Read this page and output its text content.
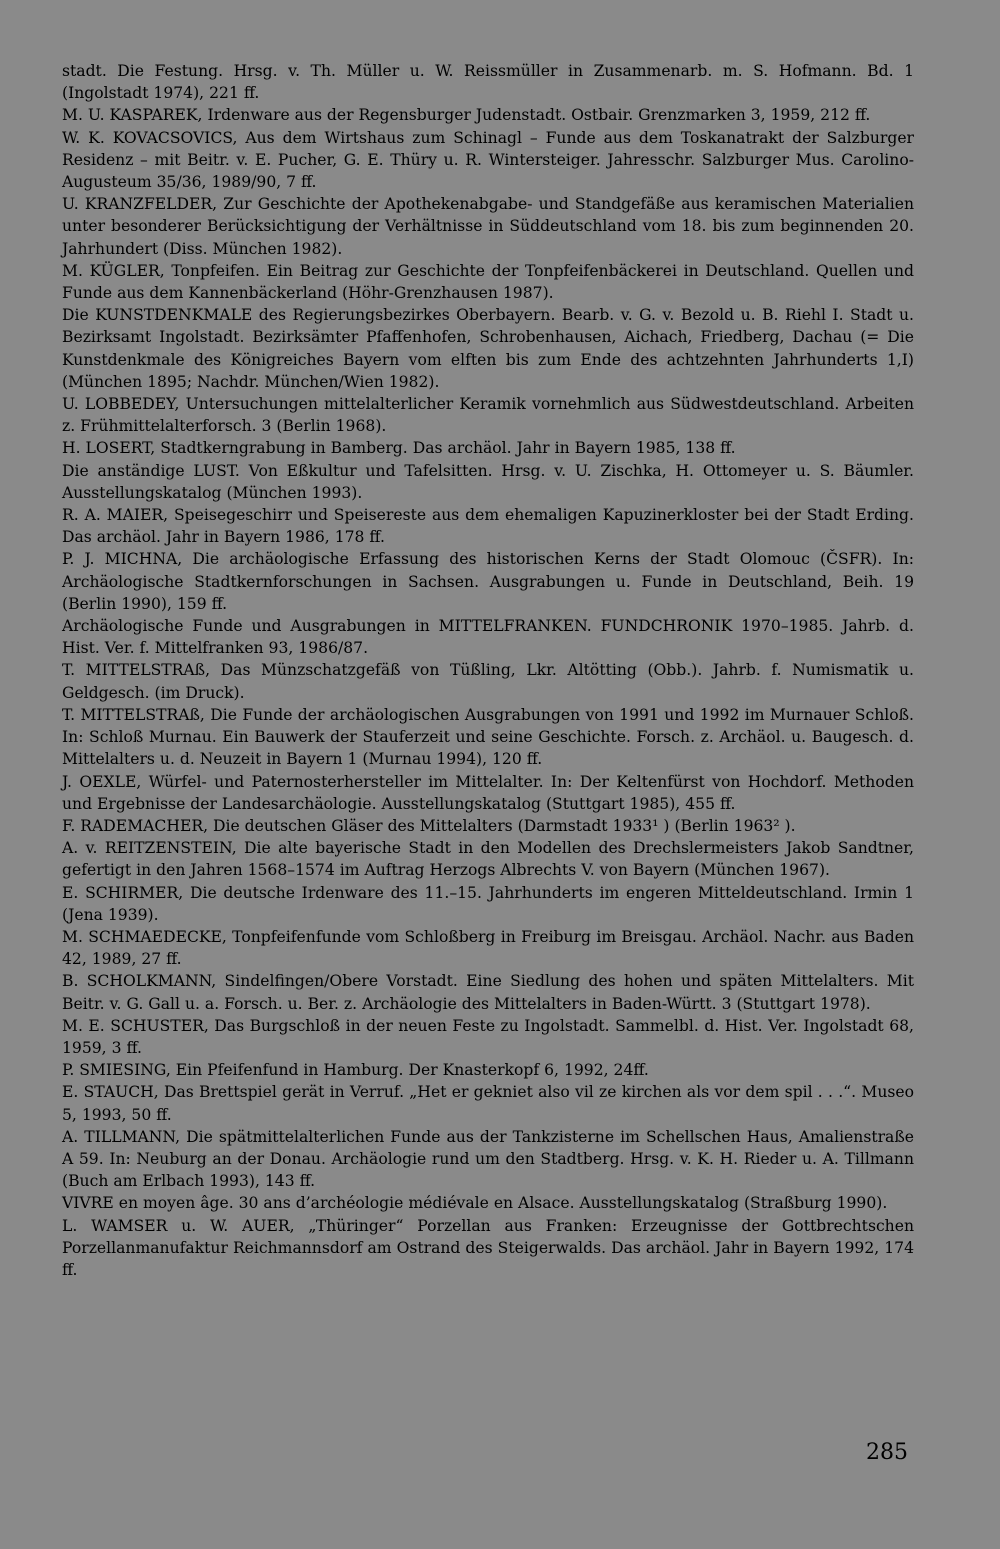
stadt. Die Festung. Hrsg. v. Th. Müller u. W. Reissmüller in Zusammenarb. m. S. Hofmann. Bd. 1 (Ingolstadt 1974), 221 ff.

M. U. KASPAREK, Irdenware aus der Regensburger Judenstadt. Ostbair. Grenzmarken 3, 1959, 212 ff.

W. K. KOVACSOVICS, Aus dem Wirtshaus zum Schinagl – Funde aus dem Toskanatrakt der Salzburger Residenz – mit Beitr. v. E. Pucher, G. E. Thüry u. R. Wintersteiger. Jahresschr. Salzburger Mus. Carolino-Augusteum 35/36, 1989/90, 7 ff.

U. KRANZFELDER, Zur Geschichte der Apothekenabgabe- und Standgefäße aus keramischen Materialien unter besonderer Berücksichtigung der Verhältnisse in Süddeutschland vom 18. bis zum beginnenden 20. Jahrhundert (Diss. München 1982).

M. KÜGLER, Tonpfeifen. Ein Beitrag zur Geschichte der Tonpfeifenbäckerei in Deutschland. Quellen und Funde aus dem Kannenbäckerland (Höhr-Grenzhausen 1987).

Die KUNSTDENKMALE des Regierungsbezirkes Oberbayern. Bearb. v. G. v. Bezold u. B. Riehl I. Stadt u. Bezirksamt Ingolstadt. Bezirksämter Pfaffenhofen, Schrobenhausen, Aichach, Friedberg, Dachau (= Die Kunstdenkmale des Königreiches Bayern vom elften bis zum Ende des achtzehnten Jahrhunderts 1,I) (München 1895; Nachdr. München/Wien 1982).

U. LOBBEDEY, Untersuchungen mittelalterlicher Keramik vornehmlich aus Südwestdeutschland. Arbeiten z. Frühmittelalterforsch. 3 (Berlin 1968).

H. LOSERT, Stadtkerngrabung in Bamberg. Das archäol. Jahr in Bayern 1985, 138 ff.

Die anständige LUST. Von Eßkultur und Tafelsitten. Hrsg. v. U. Zischka, H. Ottomeyer u. S. Bäumler. Ausstellungskatalog (München 1993).

R. A. MAIER, Speisegeschirr und Speisereste aus dem ehemaligen Kapuzinerkloster bei der Stadt Erding. Das archäol. Jahr in Bayern 1986, 178 ff.

P. J. MICHNA, Die archäologische Erfassung des historischen Kerns der Stadt Olomouc (ČSFR). In: Archäologische Stadtkernforschungen in Sachsen. Ausgrabungen u. Funde in Deutschland, Beih. 19 (Berlin 1990), 159 ff.

Archäologische Funde und Ausgrabungen in MITTELFRANKEN. FUNDCHRONIK 1970–1985. Jahrb. d. Hist. Ver. f. Mittelfranken 93, 1986/87.

T. MITTELSTRAß, Das Münzschatzgefäß von Tüßling, Lkr. Altötting (Obb.). Jahrb. f. Numismatik u. Geldgesch. (im Druck).

T. MITTELSTRAß, Die Funde der archäologischen Ausgrabungen von 1991 und 1992 im Murnauer Schloß. In: Schloß Murnau. Ein Bauwerk der Stauferzeit und seine Geschichte. Forsch. z. Archäol. u. Baugesch. d. Mittelalters u. d. Neuzeit in Bayern 1 (Murnau 1994), 120 ff.

J. OEXLE, Würfel- und Paternosterhersteller im Mittelalter. In: Der Keltenfürst von Hochdorf. Methoden und Ergebnisse der Landesarchäologie. Ausstellungskatalog (Stuttgart 1985), 455 ff.

F. RADEMACHER, Die deutschen Gläser des Mittelalters (Darmstadt 1933¹ ) (Berlin 1963² ).

A. v. REITZENSTEIN, Die alte bayerische Stadt in den Modellen des Drechslermeisters Jakob Sandtner, gefertigt in den Jahren 1568–1574 im Auftrag Herzogs Albrechts V. von Bayern (München 1967).

E. SCHIRMER, Die deutsche Irdenware des 11.–15. Jahrhunderts im engeren Mitteldeutschland. Irmin 1 (Jena 1939).

M. SCHMAEDECKE, Tonpfeifenfunde vom Schloßberg in Freiburg im Breisgau. Archäol. Nachr. aus Baden 42, 1989, 27 ff.

B. SCHOLKMANN, Sindelfingen/Obere Vorstadt. Eine Siedlung des hohen und späten Mittelalters. Mit Beitr. v. G. Gall u. a. Forsch. u. Ber. z. Archäologie des Mittelalters in Baden-Württ. 3 (Stuttgart 1978).

M. E. SCHUSTER, Das Burgschloß in der neuen Feste zu Ingolstadt. Sammelbl. d. Hist. Ver. Ingolstadt 68, 1959, 3 ff.

P. SMIESING, Ein Pfeifenfund in Hamburg. Der Knasterkopf 6, 1992, 24ff.

E. STAUCH, Das Brettspiel gerät in Verruf. „Het er gekniet also vil ze kirchen als vor dem spil . . .“. Museo 5, 1993, 50 ff.

A. TILLMANN, Die spätmittelalterlichen Funde aus der Tankzisterne im Schellschen Haus, Amalienstraße A 59. In: Neuburg an der Donau. Archäologie rund um den Stadtberg. Hrsg. v. K. H. Rieder u. A. Tillmann (Buch am Erlbach 1993), 143 ff.

VIVRE en moyen âge. 30 ans d’archéologie médiévale en Alsace. Ausstellungskatalog (Straßburg 1990).

L. WAMSER u. W. AUER, „Thüringer“ Porzellan aus Franken: Erzeugnisse der Gottbrechtschen Porzellanmanufaktur Reichmannsdorf am Ostrand des Steigerwalds. Das archäol. Jahr in Bayern 1992, 174 ff.

285
